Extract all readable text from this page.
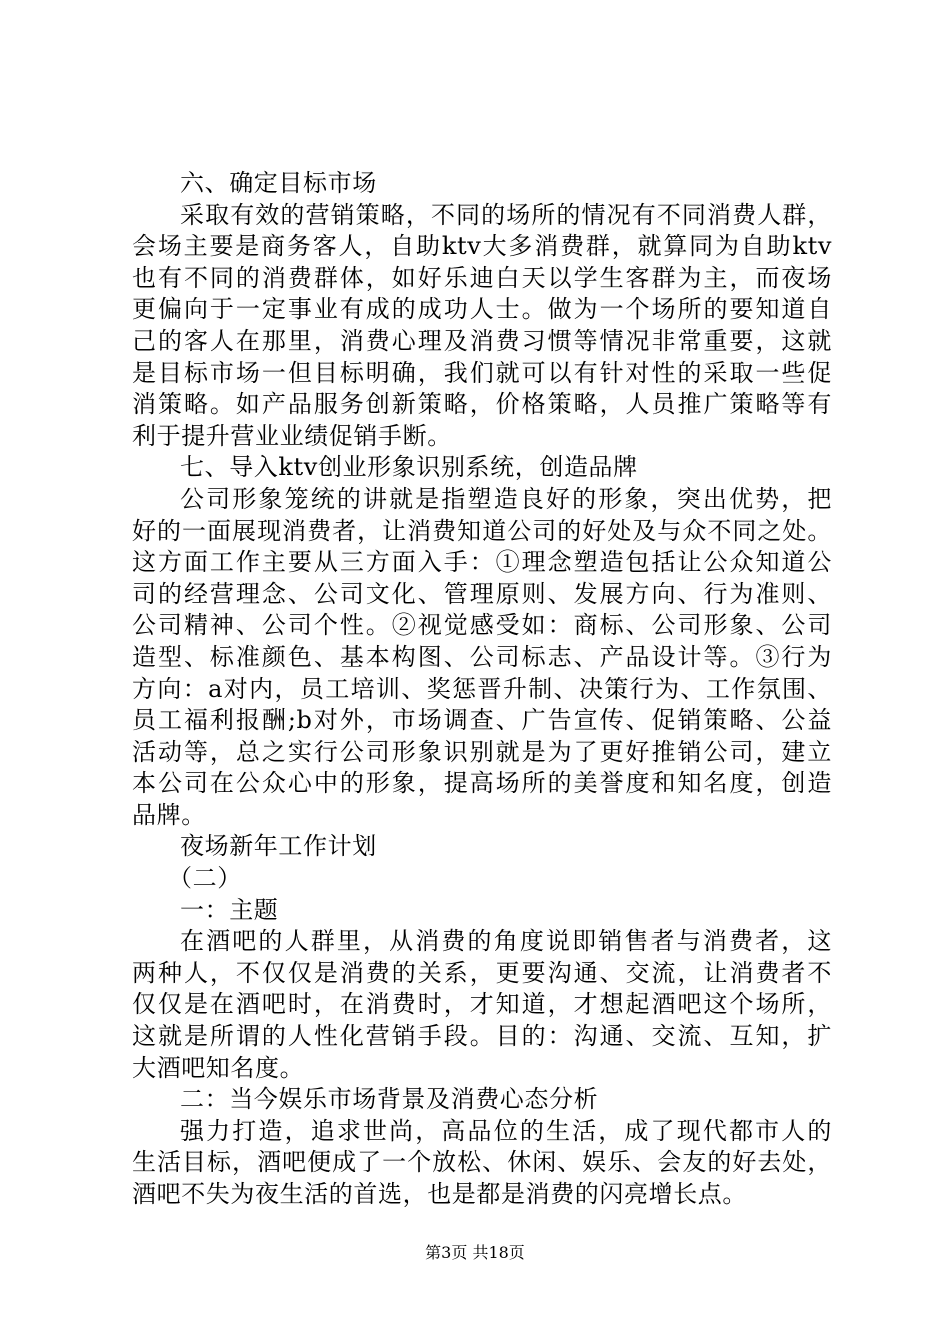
六、确定目标市场
采取有效的营销策略，不同的场所的情况有不同消费人群，
会场主要是商务客人，自助ktv大多消费群，就算同为自助ktv
也有不同的消费群体，如好乐迪白天以学生客群为主，而夜场
更偏向于一定事业有成的成功人士。做为一个场所的要知道自
己的客人在那里，消费心理及消费习惯等情况非常重要，这就
是目标市场一但目标明确，我们就可以有针对性的采取一些促
消策略。如产品服务创新策略，价格策略，人员推广策略等有
利于提升营业业绩促销手断。
七、导入ktv创业形象识别系统，创造品牌
公司形象笼统的讲就是指塑造良好的形象，突出优势，把
好的一面展现消费者，让消费知道公司的好处及与众不同之处。
这方面工作主要从三方面入手：①理念塑造包括让公众知道公
司的经营理念、公司文化、管理原则、发展方向、行为准则、
公司精神、公司个性。②视觉感受如：商标、公司形象、公司
造型、标准颜色、基本构图、公司标志、产品设计等。③行为
方向：a对内，员工培训、奖惩晋升制、决策行为、工作氛围、
员工福利报酬;b对外，市场调查、广告宣传、促销策略、公益
活动等，总之实行公司形象识别就是为了更好推销公司，建立
本公司在公众心中的形象，提高场所的美誉度和知名度，创造
品牌。
夜场新年工作计划
（二）
一：主题
在酒吧的人群里，从消费的角度说即销售者与消费者，这
两种人，不仅仅是消费的关系，更要沟通、交流，让消费者不
仅仅是在酒吧时，在消费时，才知道，才想起酒吧这个场所，
这就是所谓的人性化营销手段。目的：沟通、交流、互知，扩
大酒吧知名度。
二：当今娱乐市场背景及消费心态分析
强力打造，追求世尚，高品位的生活，成了现代都市人的
生活目标，酒吧便成了一个放松、休闲、娱乐、会友的好去处，
酒吧不失为夜生活的首选，也是都是消费的闪亮增长点。
第3页 共18页
